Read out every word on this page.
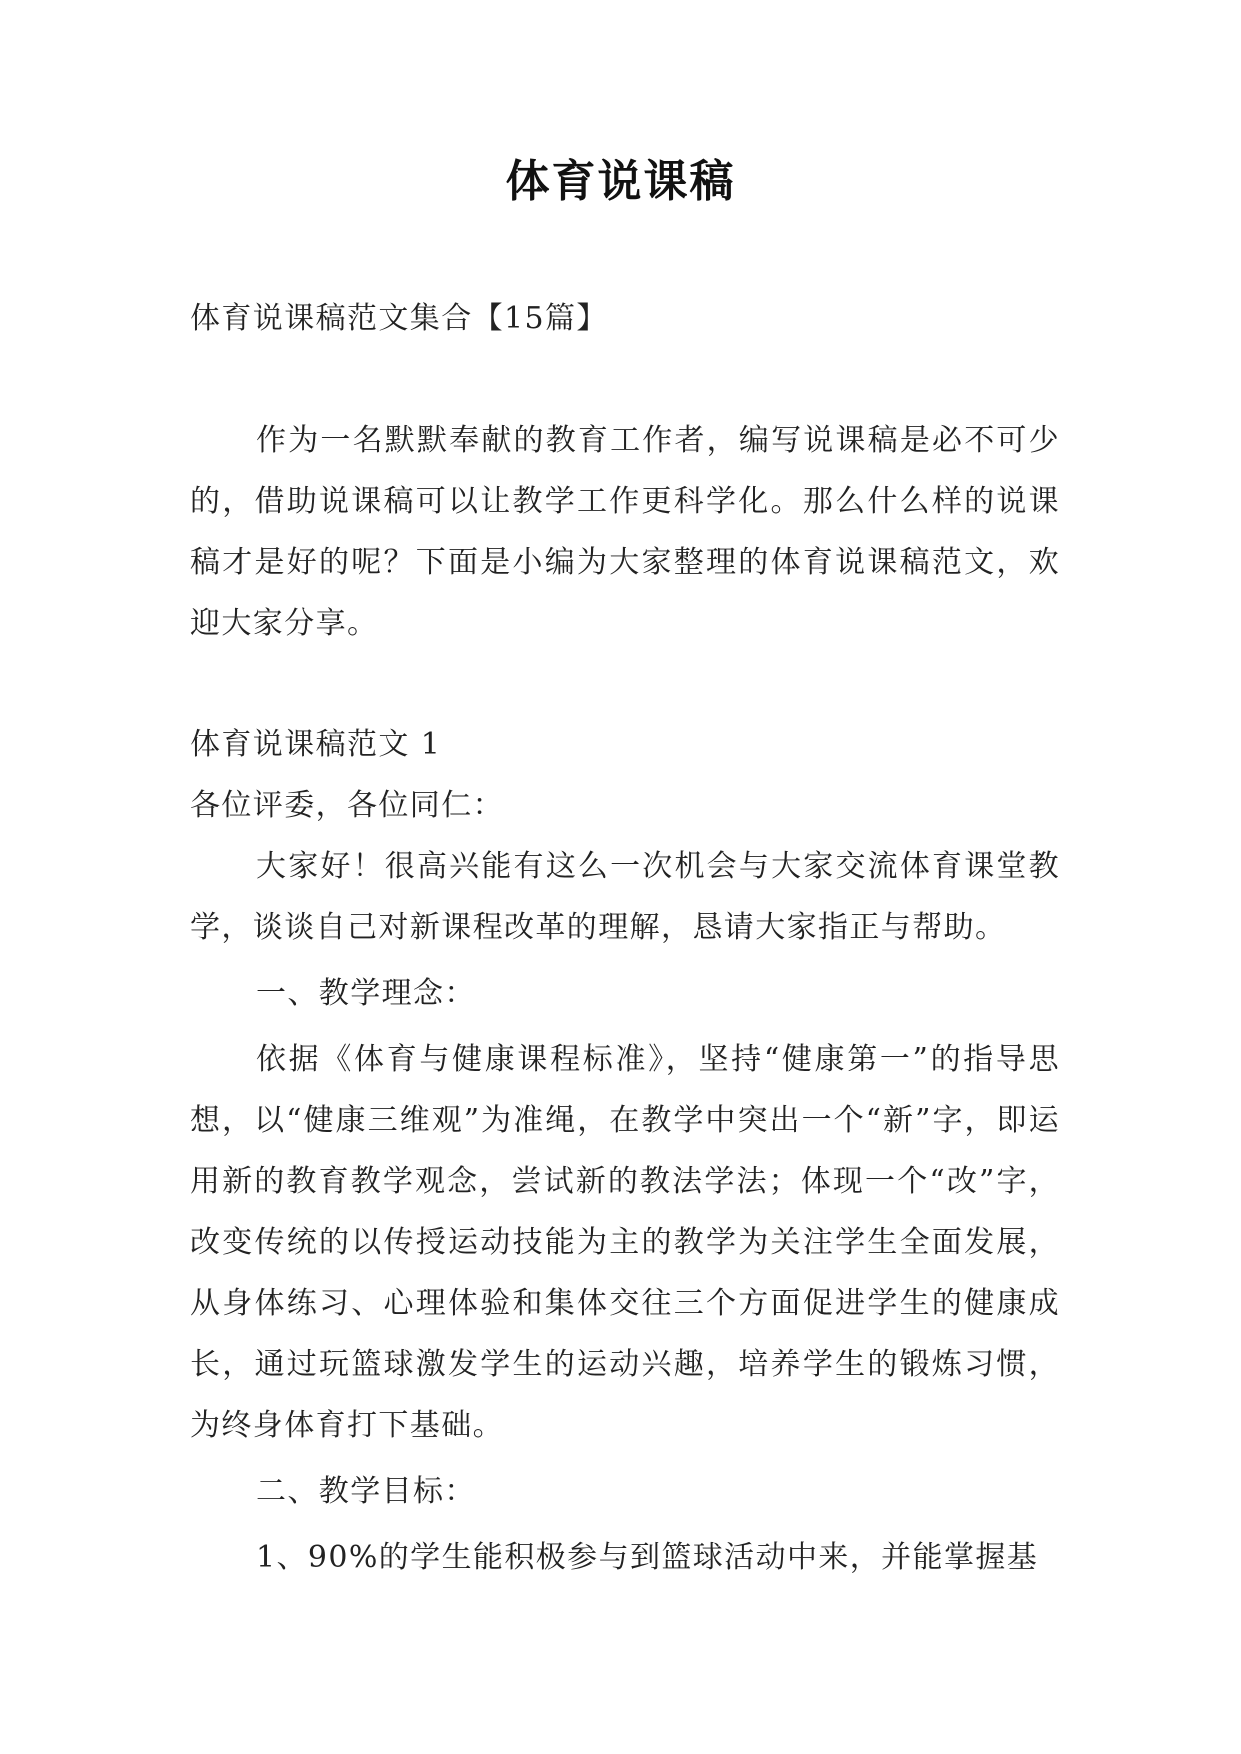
体育说课稿

体育说课稿范文集合【15篇】

作为一名默默奉献的教育工作者，编写说课稿是必不可少的，借助说课稿可以让教学工作更科学化。那么什么样的说课稿才是好的呢？下面是小编为大家整理的体育说课稿范文，欢迎大家分享。

体育说课稿范文 1

各位评委，各位同仁：

大家好！很高兴能有这么一次机会与大家交流体育课堂教学，谈谈自己对新课程改革的理解，恳请大家指正与帮助。

一、教学理念：

依据《体育与健康课程标准》，坚持“健康第一”的指导思想，以“健康三维观”为准绳，在教学中突出一个“新”字，即运用新的教育教学观念，尝试新的教法学法；体现一个“改”字，改变传统的以传授运动技能为主的教学为关注学生全面发展，从身体练习、心理体验和集体交往三个方面促进学生的健康成长，通过玩篮球激发学生的运动兴趣，培养学生的锻炼习惯，为终身体育打下基础。

二、教学目标：

1、90%的学生能积极参与到篮球活动中来，并能掌握基
